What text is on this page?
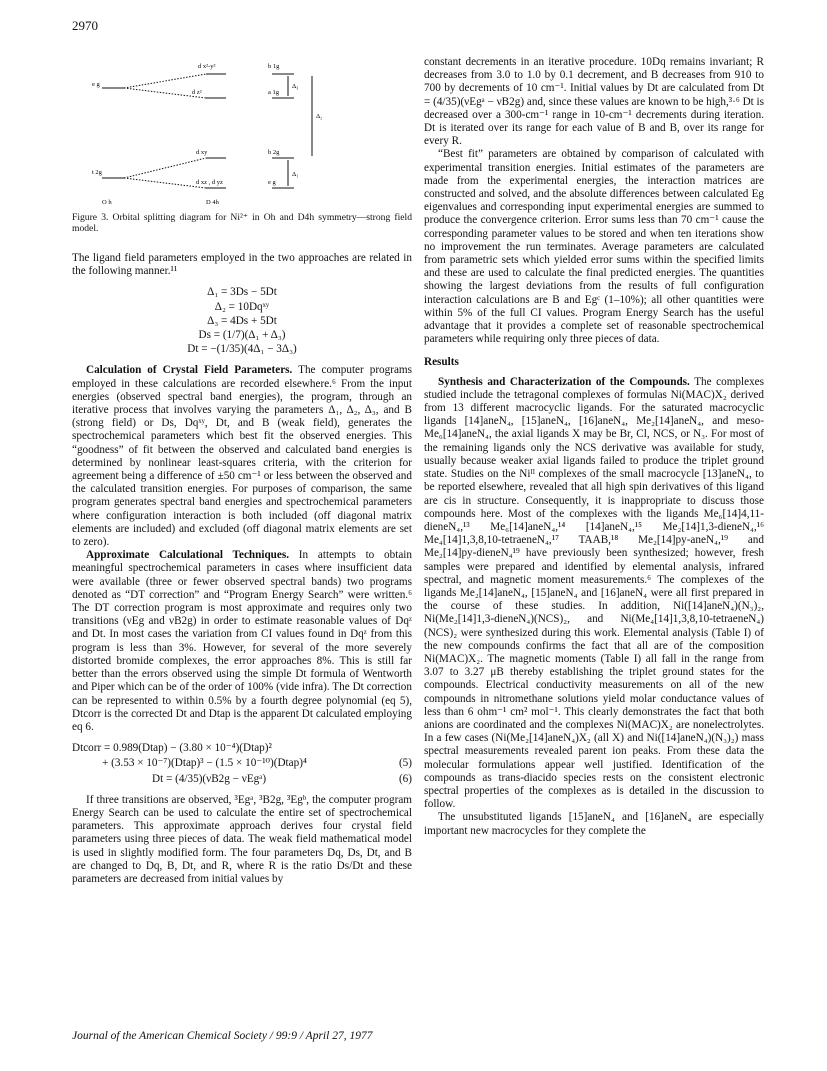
2970
e g
d x²-y²
d z²
b 1g
a 1g
Δ₃
Δ₂
d xy	b 2g
t 2g
d xz , d yz	e g
Δ₁
O h	D 4h

Figure 3. Orbital splitting diagram for Ni²⁺ in Oh and D4h symmetry—strong field model.

The ligand field parameters employed in the two approaches are related in the following manner.¹¹

Δ₁ = 3Ds − 5Dt
Δ₂ = 10Dqˣʸ
Δ₃ = 4Ds + 5Dt
Ds = (1/7)(Δ₁ + Δ₃)
Dt = −(1/35)(4Δ₁ − 3Δ₃)

Calculation of Crystal Field Parameters. The computer programs employed in these calculations are recorded elsewhere.⁶ From the input energies (observed spectral band energies), the program, through an iterative process that involves varying the parameters Δ₁, Δ₂, Δ₃, and B (strong field) or Ds, Dqˣʸ, Dt, and B (weak field), generates the spectrochemical parameters which best fit the observed energies. This “goodness” of fit between the observed and calculated band energies is determined by nonlinear least-squares criteria, with the criterion for agreement being a difference of ±50 cm⁻¹ or less between the observed and the calculated transition energies. For purposes of comparison, the same program generates spectral band energies and spectrochemical parameters where configuration interaction is both included (off diagonal matrix elements are included) and excluded (off diagonal matrix elements are set to zero).

Approximate Calculational Techniques. In attempts to obtain meaningful spectrochemical parameters in cases where insufficient data were available (three or fewer observed spectral bands) two programs denoted as “DT correction” and “Program Energy Search” were written.⁶ The DT correction program is most approximate and requires only two transitions (νEg and νB2g) in order to estimate reasonable values of Dqᶻ and Dt. In most cases the variation from CI values found in Dqᶻ from this program is less than 3%. However, for several of the more severely distorted bromide complexes, the error approaches 8%. This is still far better than the errors observed using the simple Dt formula of Wentworth and Piper which can be of the order of 100% (vide infra). The Dt correction can be represented to within 0.5% by a fourth degree polynomial (eq 5), Dtcorr is the corrected Dt and Dtap is the apparent Dt calculated employing eq 6.

Dtcorr = 0.989(Dtap) − (3.80 × 10⁻⁴)(Dtap)²
+ (3.53 × 10⁻⁷)(Dtap)³ − (1.5 × 10⁻¹⁰)(Dtap)⁴	(5)
Dt = (4/35)(νB2g − νEgᵃ)	(6)

If three transitions are observed, ³Egᵃ, ³B2g, ³Egᵇ, the computer program Energy Search can be used to calculate the entire set of spectrochemical parameters. This approximate approach derives four crystal field parameters using three pieces of data. The weak field mathematical model is used in slightly modified form. The four parameters Dq, Ds, Dt, and B are changed to Dq, B, Dt, and R, where R is the ratio Ds/Dt and these parameters are decreased from initial values by

constant decrements in an iterative procedure. 10Dq remains invariant; R decreases from 3.0 to 1.0 by 0.1 decrement, and B decreases from 910 to 700 by decrements of 10 cm⁻¹. Initial values by Dt are calculated from Dt = (4/35)(νEgᵃ − νB2g) and, since these values are known to be high,³·⁶ Dt is decreased over a 300-cm⁻¹ range in 10-cm⁻¹ decrements during iteration. Dt is iterated over its range for each value of B and B, over its range for every R.

“Best fit” parameters are obtained by comparison of calculated with experimental transition energies. Initial estimates of the parameters are made from the experimental energies, the interaction matrices are constructed and solved, and the absolute differences between calculated Eg eigenvalues and corresponding input experimental energies are summed to produce the convergence criterion. Error sums less than 70 cm⁻¹ cause the corresponding parameter values to be stored and when ten iterations show no improvement the run terminates. Average parameters are calculated from parametric sets which yielded error sums within the specified limits and these are used to calculate the final predicted energies. The quantities showing the largest deviations from the results of full configuration interaction calculations are B and Egᶜ (1–10%); all other quantities were within 5% of the full CI values. Program Energy Search has the useful advantage that it provides a complete set of reasonable spectrochemical parameters while requiring only three pieces of data.

Results

Synthesis and Characterization of the Compounds. The complexes studied include the tetragonal complexes of formulas Ni(MAC)X₂ derived from 13 different macrocyclic ligands. For the saturated macrocyclic ligands [14]aneN₄, [15]aneN₄, [16]aneN₄, Me₂[14]aneN₄, and meso-Me₆[14]aneN₄, the axial ligands X may be Br, Cl, NCS, or N₃. For most of the remaining ligands only the NCS derivative was available for study, usually because weaker axial ligands failed to produce the triplet ground state. Studies on the Niᴵᴵ complexes of the small macrocycle [13]aneN₄, to be reported elsewhere, revealed that all high spin derivatives of this ligand are cis in structure. Consequently, it is inappropriate to discuss those compounds here. Most of the complexes with the ligands Me₆[14]4,11-dieneN₄,¹³ Me₆[14]aneN₄,¹⁴ [14]aneN₄,¹⁵ Me₂[14]1,3-dieneN₄,¹⁶ Me₄[14]1,3,8,10-tetraeneN₄,¹⁷ TAAB,¹⁸ Me₂[14]py-aneN₄,¹⁹ and Me₂[14]py-dieneN₄¹⁹ have previously been synthesized; however, fresh samples were prepared and identified by elemental analysis, infrared spectral, and magnetic moment measurements.⁶ The complexes of the ligands Me₂[14]aneN₄, [15]aneN₄ and [16]aneN₄ were all first prepared in the course of these studies. In addition, Ni([14]aneN₄)(N₃)₂, Ni(Me₂[14]1,3-dieneN₄)(NCS)₂, and Ni(Me₄[14]1,3,8,10-tetraeneN₄)(NCS)₂ were synthesized during this work. Elemental analysis (Table I) of the new compounds confirms the fact that all are of the composition Ni(MAC)X₂. The magnetic moments (Table I) all fall in the range from 3.07 to 3.27 μB thereby establishing the triplet ground states for the compounds. Electrical conductivity measurements on all of the new compounds in nitromethane solutions yield molar conductance values of less than 6 ohm⁻¹ cm² mol⁻¹. This clearly demonstrates the fact that both anions are coordinated and the complexes Ni(MAC)X₂ are nonelectrolytes. In a few cases (Ni(Me₂[14]aneN₄)X₂ (all X) and Ni([14]aneN₄)(N₃)₂) mass spectral measurements revealed parent ion peaks. From these data the molecular formulations appear well justified. Identification of the compounds as trans-diacido species rests on the consistent electronic spectral properties of the complexes as is detailed in the discussion to follow.

The unsubstituted ligands [15]aneN₄ and [16]aneN₄ are especially important new macrocycles for they complete the

Journal of the American Chemical Society / 99:9 / April 27, 1977
